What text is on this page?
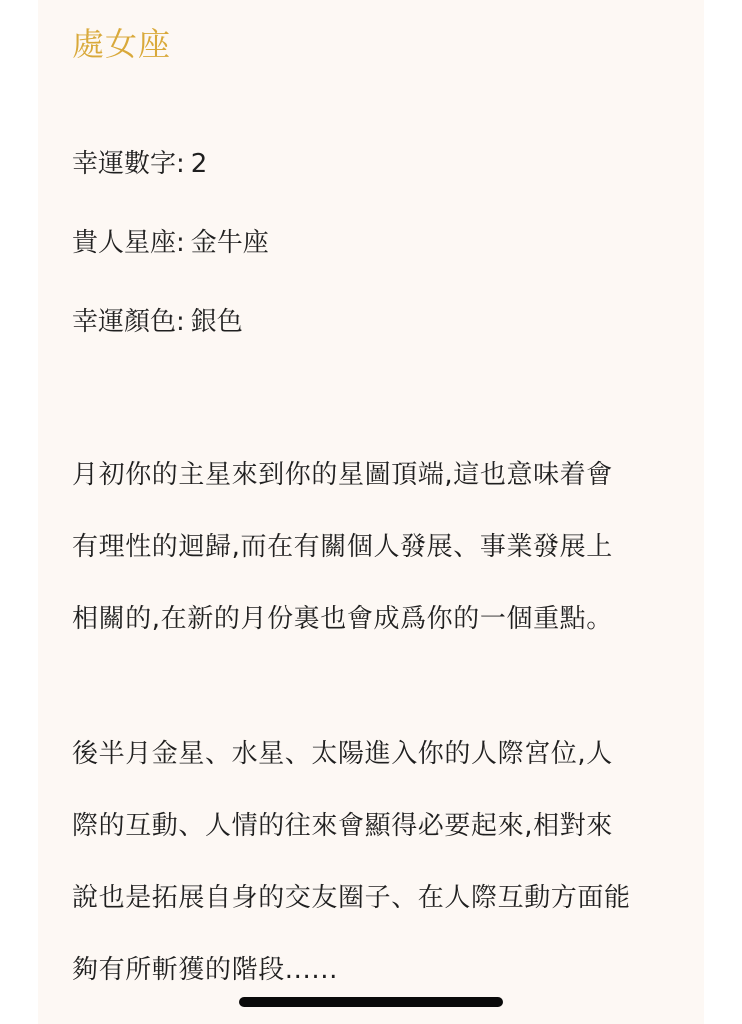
處女座

幸運數字: 2

貴人星座: 金牛座

幸運顏色: 銀色

月初你的主星來到你的星圖頂端,這也意味着會
有理性的迴歸,而在有關個人發展、事業發展上
相關的,在新的月份裏也會成爲你的一個重點。
後半月金星、水星、太陽進入你的人際宮位,人
際的互動、人情的往來會顯得必要起來,相對來
說也是拓展自身的交友圈子、在人際互動方面能
夠有所斬獲的階段......
